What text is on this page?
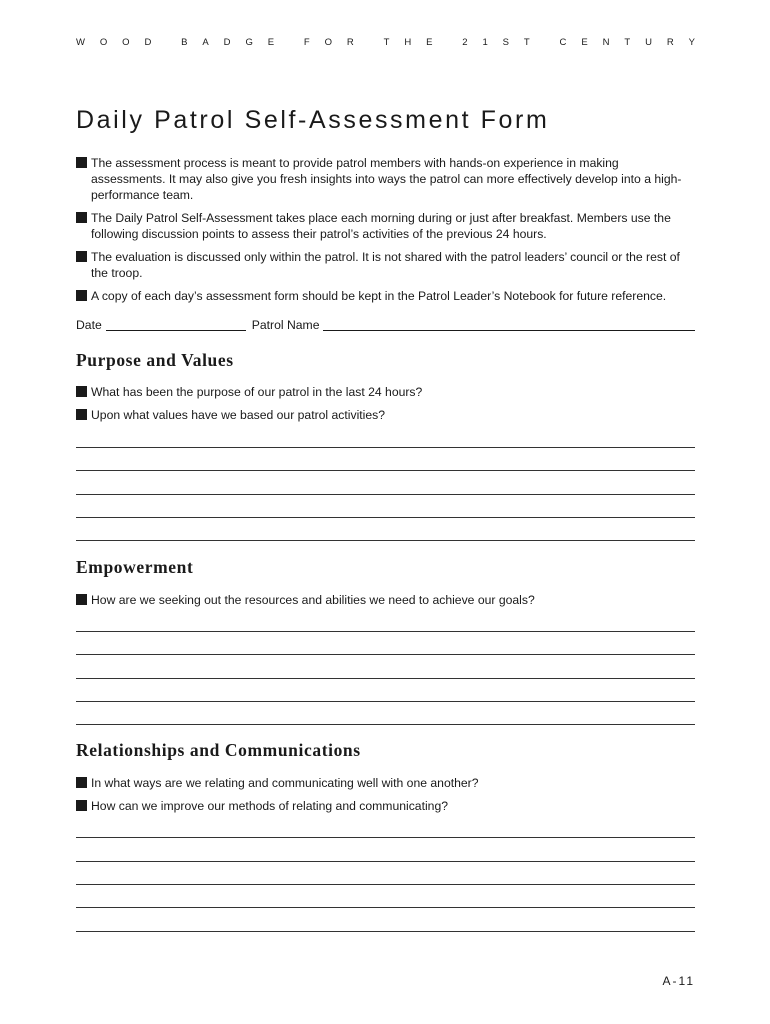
W O O D	B A D G E	F O R	T H E	2 1 S T	C E N T U R Y
Daily Patrol Self-Assessment Form
The assessment process is meant to provide patrol members with hands-on experience in making assessments. It may also give you fresh insights into ways the patrol can more effectively develop into a high-performance team.
The Daily Patrol Self-Assessment takes place each morning during or just after breakfast. Members use the following discussion points to assess their patrol’s activities of the previous 24 hours.
The evaluation is discussed only within the patrol. It is not shared with the patrol leaders’ council or the rest of the troop.
A copy of each day’s assessment form should be kept in the Patrol Leader’s Notebook for future reference.
Date	Patrol Name
Purpose and Values
What has been the purpose of our patrol in the last 24 hours?
Upon what values have we based our patrol activities?
Empowerment
How are we seeking out the resources and abilities we need to achieve our goals?
Relationships and Communications
In what ways are we relating and communicating well with one another?
How can we improve our methods of relating and communicating?
A-11
